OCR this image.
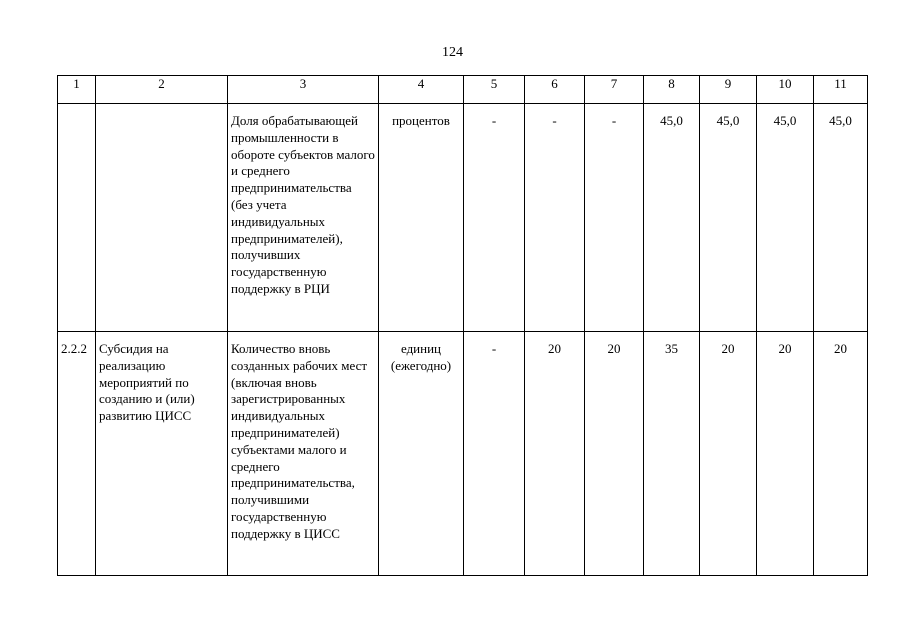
124
1	2	3	4	5	6	7	8	9	10	11
		Доля обрабатывающей промышленности в обороте субъектов малого и среднего предпринимательства (без учета индивидуальных предпринимателей), получивших государственную поддержку в РЦИ	процентов	-	-	-	45,0	45,0	45,0	45,0
2.2.2	Субсидия на реализацию мероприятий по созданию и (или) развитию ЦИСС	Количество вновь созданных рабочих мест (включая вновь зарегистрированных индивидуальных предпринимателей) субъектами малого и среднего предпринимательства, получившими государственную поддержку в ЦИСС	единиц (ежегодно)	-	20	20	35	20	20	20
